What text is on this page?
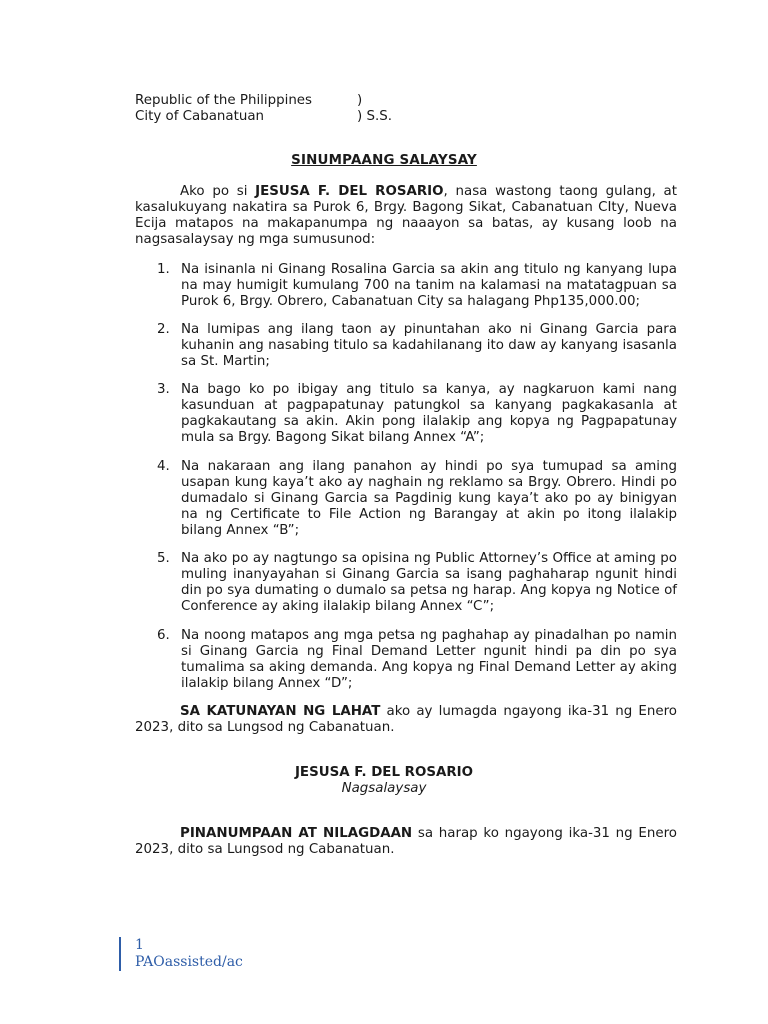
Republic of the Philippines	)
City of Cabanatuan	) S.S.
SINUMPAANG SALAYSAY

Ako po si JESUSA F. DEL ROSARIO, nasa wastong taong gulang, at kasalukuyang nakatira sa Purok 6, Brgy. Bagong Sikat, Cabanatuan CIty, Nueva Ecija matapos na makapanumpa ng naaayon sa batas, ay kusang loob na nagsasalaysay ng mga sumusunod:

1. Na isinanla ni Ginang Rosalina Garcia sa akin ang titulo ng kanyang lupa na may humigit kumulang 700 na tanim na kalamasi na matatagpuan sa Purok 6, Brgy. Obrero, Cabanatuan City sa halagang Php135,000.00;
2. Na lumipas ang ilang taon ay pinuntahan ako ni Ginang Garcia para kuhanin ang nasabing titulo sa kadahilanang ito daw ay kanyang isasanla sa St. Martin;
3. Na bago ko po ibigay ang titulo sa kanya, ay nagkaruon kami nang kasunduan at pagpapatunay patungkol sa kanyang pagkakasanla at pagkakautang sa akin. Akin pong ilalakip ang kopya ng Pagpapatunay mula sa Brgy. Bagong Sikat bilang Annex “A”;
4. Na nakaraan ang ilang panahon ay hindi po sya tumupad sa aming usapan kung kaya’t ako ay naghain ng reklamo sa Brgy. Obrero. Hindi po dumadalo si Ginang Garcia sa Pagdinig kung kaya’t ako po ay binigyan na ng Certificate to File Action ng Barangay at akin po itong ilalakip bilang Annex “B”;
5. Na ako po ay nagtungo sa opisina ng Public Attorney’s Office at aming po muling inanyayahan si Ginang Garcia sa isang paghaharap ngunit hindi din po sya dumating o dumalo sa petsa ng harap. Ang kopya ng Notice of Conference ay aking ilalakip bilang Annex “C”;
6. Na noong matapos ang mga petsa ng paghahap ay pinadalhan po namin si Ginang Garcia ng Final Demand Letter ngunit hindi pa din po sya tumalima sa aking demanda. Ang kopya ng Final Demand Letter ay aking ilalakip bilang Annex “D”;

SA KATUNAYAN NG LAHAT ako ay lumagda ngayong ika-31 ng Enero 2023, dito sa Lungsod ng Cabanatuan.

JESUSA F. DEL ROSARIO
Nagsalaysay

PINANUMPAAN AT NILAGDAAN sa harap ko ngayong ika-31 ng Enero 2023, dito sa Lungsod ng Cabanatuan.

1
PAOassisted/ac
